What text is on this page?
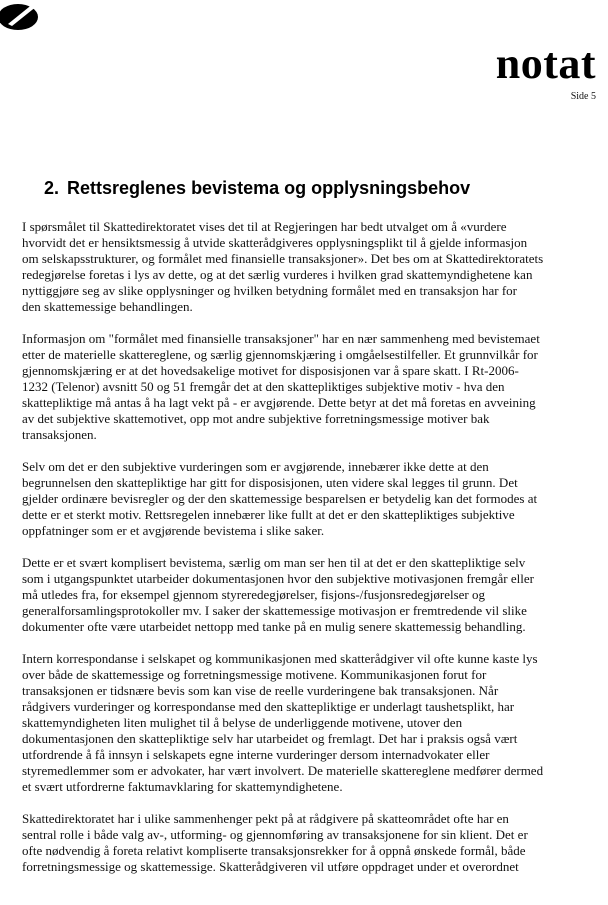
notat
Side 5
2. Rettsreglenes bevistema og opplysningsbehov

I spørsmålet til Skattedirektoratet vises det til at Regjeringen har bedt utvalget om å «vurdere
hvorvidt det er hensiktsmessig å utvide skatterådgiveres opplysningsplikt til å gjelde informasjon
om selskapsstrukturer, og formålet med finansielle transaksjoner». Det bes om at Skattedirektoratets
redegjørelse foretas i lys av dette, og at det særlig vurderes i hvilken grad skattemyndighetene kan
nyttiggjøre seg av slike opplysninger og hvilken betydning formålet med en transaksjon har for
den skattemessige behandlingen.

Informasjon om "formålet med finansielle transaksjoner" har en nær sammenheng med bevistemaet
etter de materielle skattereglene, og særlig gjennomskjæring i omgåelsestilfeller. Et grunnvilkår for
gjennomskjæring er at det hovedsakelige motivet for disposisjonen var å spare skatt. I Rt-2006-
1232 (Telenor) avsnitt 50 og 51 fremgår det at den skattepliktiges subjektive motiv - hva den
skattepliktige må antas å ha lagt vekt på - er avgjørende. Dette betyr at det må foretas en avveining
av det subjektive skattemotivet, opp mot andre subjektive forretningsmessige motiver bak
transaksjonen.

Selv om det er den subjektive vurderingen som er avgjørende, innebærer ikke dette at den
begrunnelsen den skattepliktige har gitt for disposisjonen, uten videre skal legges til grunn. Det
gjelder ordinære bevisregler og der den skattemessige besparelsen er betydelig kan det formodes at
dette er et sterkt motiv. Rettsregelen innebærer like fullt at det er den skattepliktiges subjektive
oppfatninger som er et avgjørende bevistema i slike saker.

Dette er et svært komplisert bevistema, særlig om man ser hen til at det er den skattepliktige selv
som i utgangspunktet utarbeider dokumentasjonen hvor den subjektive motivasjonen fremgår eller
må utledes fra, for eksempel gjennom styreredegjørelser, fisjons-/fusjonsredegjørelser og
generalforsamlingsprotokoller mv. I saker der skattemessige motivasjon er fremtredende vil slike
dokumenter ofte være utarbeidet nettopp med tanke på en mulig senere skattemessig behandling.

Intern korrespondanse i selskapet og kommunikasjonen med skatterådgiver vil ofte kunne kaste lys
over både de skattemessige og forretningsmessige motivene. Kommunikasjonen forut for
transaksjonen er tidsnære bevis som kan vise de reelle vurderingene bak transaksjonen. Når
rådgivers vurderinger og korrespondanse med den skattepliktige er underlagt taushetsplikt, har
skattemyndigheten liten mulighet til å belyse de underliggende motivene, utover den
dokumentasjonen den skattepliktige selv har utarbeidet og fremlagt. Det har i praksis også vært
utfordrende å få innsyn i selskapets egne interne vurderinger dersom internadvokater eller
styremedlemmer som er advokater, har vært involvert. De materielle skattereglene medfører dermed
et svært utfordrerne faktumavklaring for skattemyndighetene.

Skattedirektoratet har i ulike sammenhenger pekt på at rådgivere på skatteområdet ofte har en
sentral rolle i både valg av-, utforming- og gjennomføring av transaksjonene for sin klient. Det er
ofte nødvendig å foreta relativt kompliserte transaksjonsrekker for å oppnå ønskede formål, både
forretningsmessige og skattemessige. Skatterådgiveren vil utføre oppdraget under et overordnet
